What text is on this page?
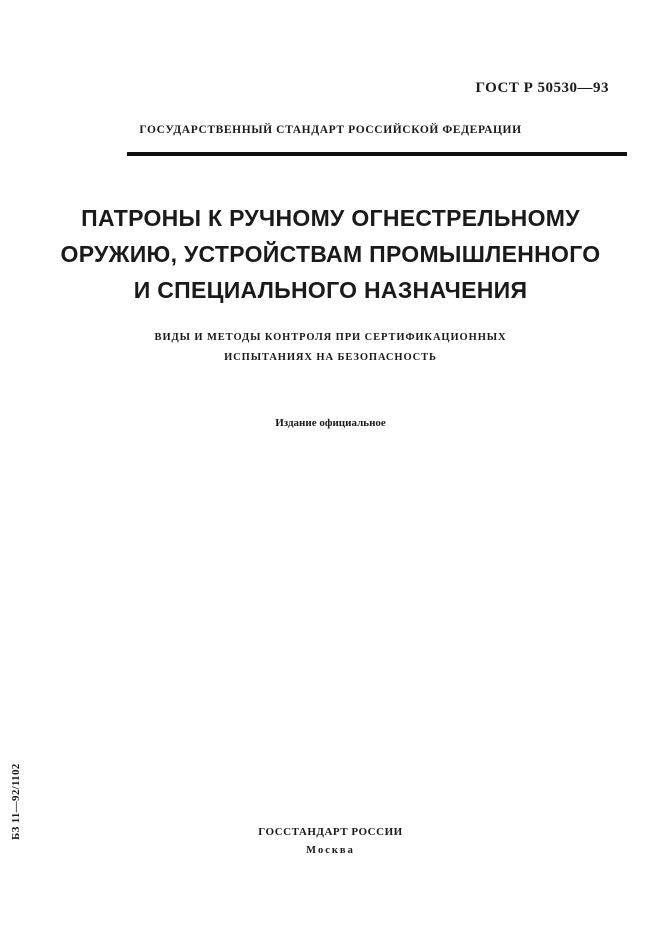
ГОСТ Р 50530—93
ГОСУДАРСТВЕННЫЙ СТАНДАРТ РОССИЙСКОЙ ФЕДЕРАЦИИ
ПАТРОНЫ К РУЧНОМУ ОГНЕСТРЕЛЬНОМУ
ОРУЖИЮ, УСТРОЙСТВАМ ПРОМЫШЛЕННОГО
И СПЕЦИАЛЬНОГО НАЗНАЧЕНИЯ
ВИДЫ И МЕТОДЫ КОНТРОЛЯ ПРИ СЕРТИФИКАЦИОННЫХ
ИСПЫТАНИЯХ НА БЕЗОПАСНОСТЬ
Издание официальное
БЗ 11—92/1102	ГОССТАНДАРТ РОССИИ
Москва
